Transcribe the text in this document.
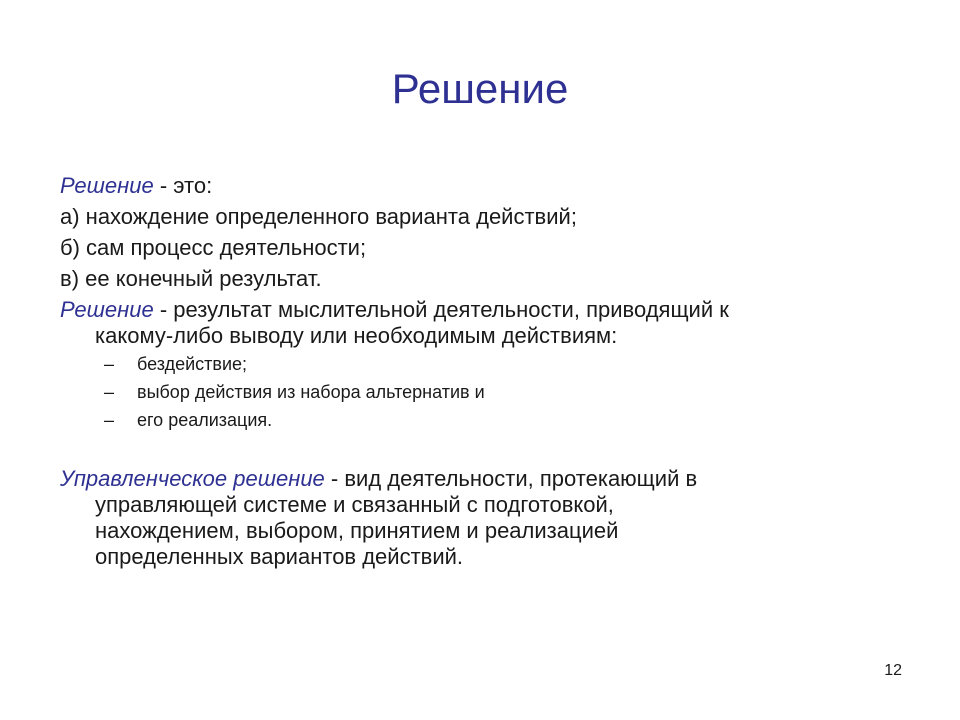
Решение
Решение - это:
а) нахождение определенного варианта действий;
б) сам процесс деятельности;
в) ее конечный результат.
Решение - результат мыслительной деятельности, приводящий к
какому-либо выводу или необходимым действиям:
– бездействие;
– выбор действия из набора альтернатив и
– его реализация.
Управленческое решение - вид деятельности, протекающий в
управляющей системе и связанный с подготовкой,
нахождением, выбором, принятием и реализацией
определенных вариантов действий.
12
